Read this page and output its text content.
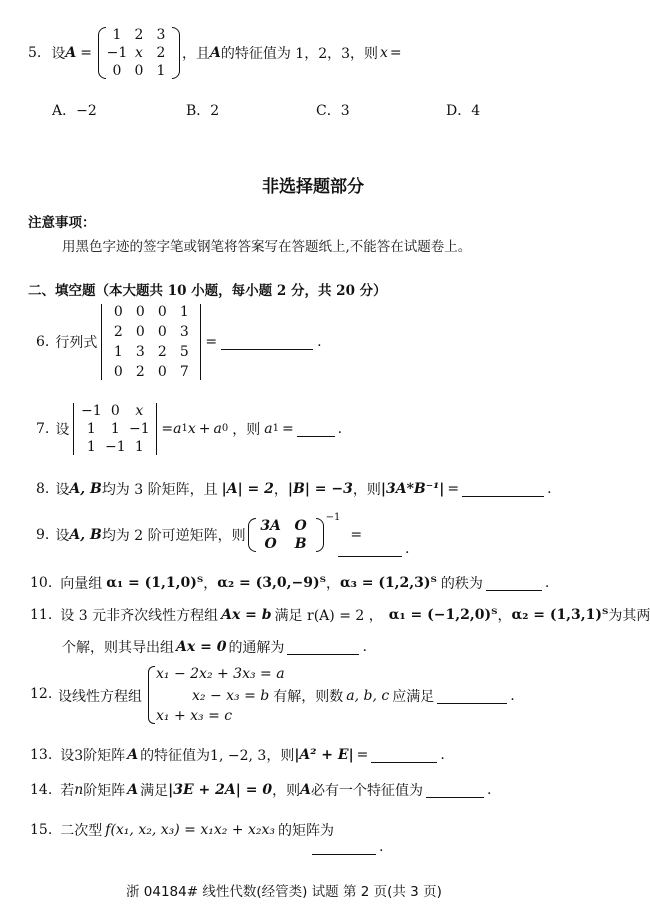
5. 设 A =
1 2 3
−1 x 2
0 0 1
，且 A 的特征值为 1，2，3，则 x =
A．−2	B．2	C．3	D．4
非选择题部分
注意事项：
用黑色字迹的签字笔或钢笔将答案写在答题纸上,不能答在试题卷上。
二、填空题（本大题共 10 小题，每小题 2 分，共 20 分）
6. 行列式
0 0 0 1
2 0 0 3
1 3 2 5
0 2 0 7
=	.
7. 设
−1 0	x
1	1 −1
1 −1 1
= a 1 x + a 0 ，则 a 1 =	.
8. 设 A, B 均为 3 阶矩阵，且 |A| = 2 ， |B| = −3 ，则 |3A*B⁻¹| =	.
9. 设 A, B 均为 2 阶可逆矩阵，则
3A O
O	B
−1
=
.
10. 向量组 α₁ = (1,1,0)ᵀ ， α₂ = (3,0,−9)ᵀ ， α₃ = (1,2,3)ᵀ 的秩为	.
11. 设 3 元非齐次线性方程组 Ax = b 满足 r(A) = 2 ， α₁ = (−1,2,0)ᵀ ， α₂ = (1,3,1)ᵀ 为其两
个解，则其导出组 Ax = 0 的通解为	.
12. 设线性方程组
x₁ − 2x₂ + 3x₃ = a
x₂ − x₃ = b 有解，则数 a, b, c 应满足	.
x₁ + x₃ = c
13. 设3阶矩阵 A 的特征值为1, −2, 3，则 |A² + E| =	.
14. 若 n 阶矩阵 A 满足 |3E + 2A| = 0 ，则 A 必有一个特征值为	.
15. 二次型 f(x₁, x₂, x₃) = x₁x₂ + x₂x₃ 的矩阵为
.
浙 04184# 线性代数(经管类) 试题 第 2 页(共 3 页)
